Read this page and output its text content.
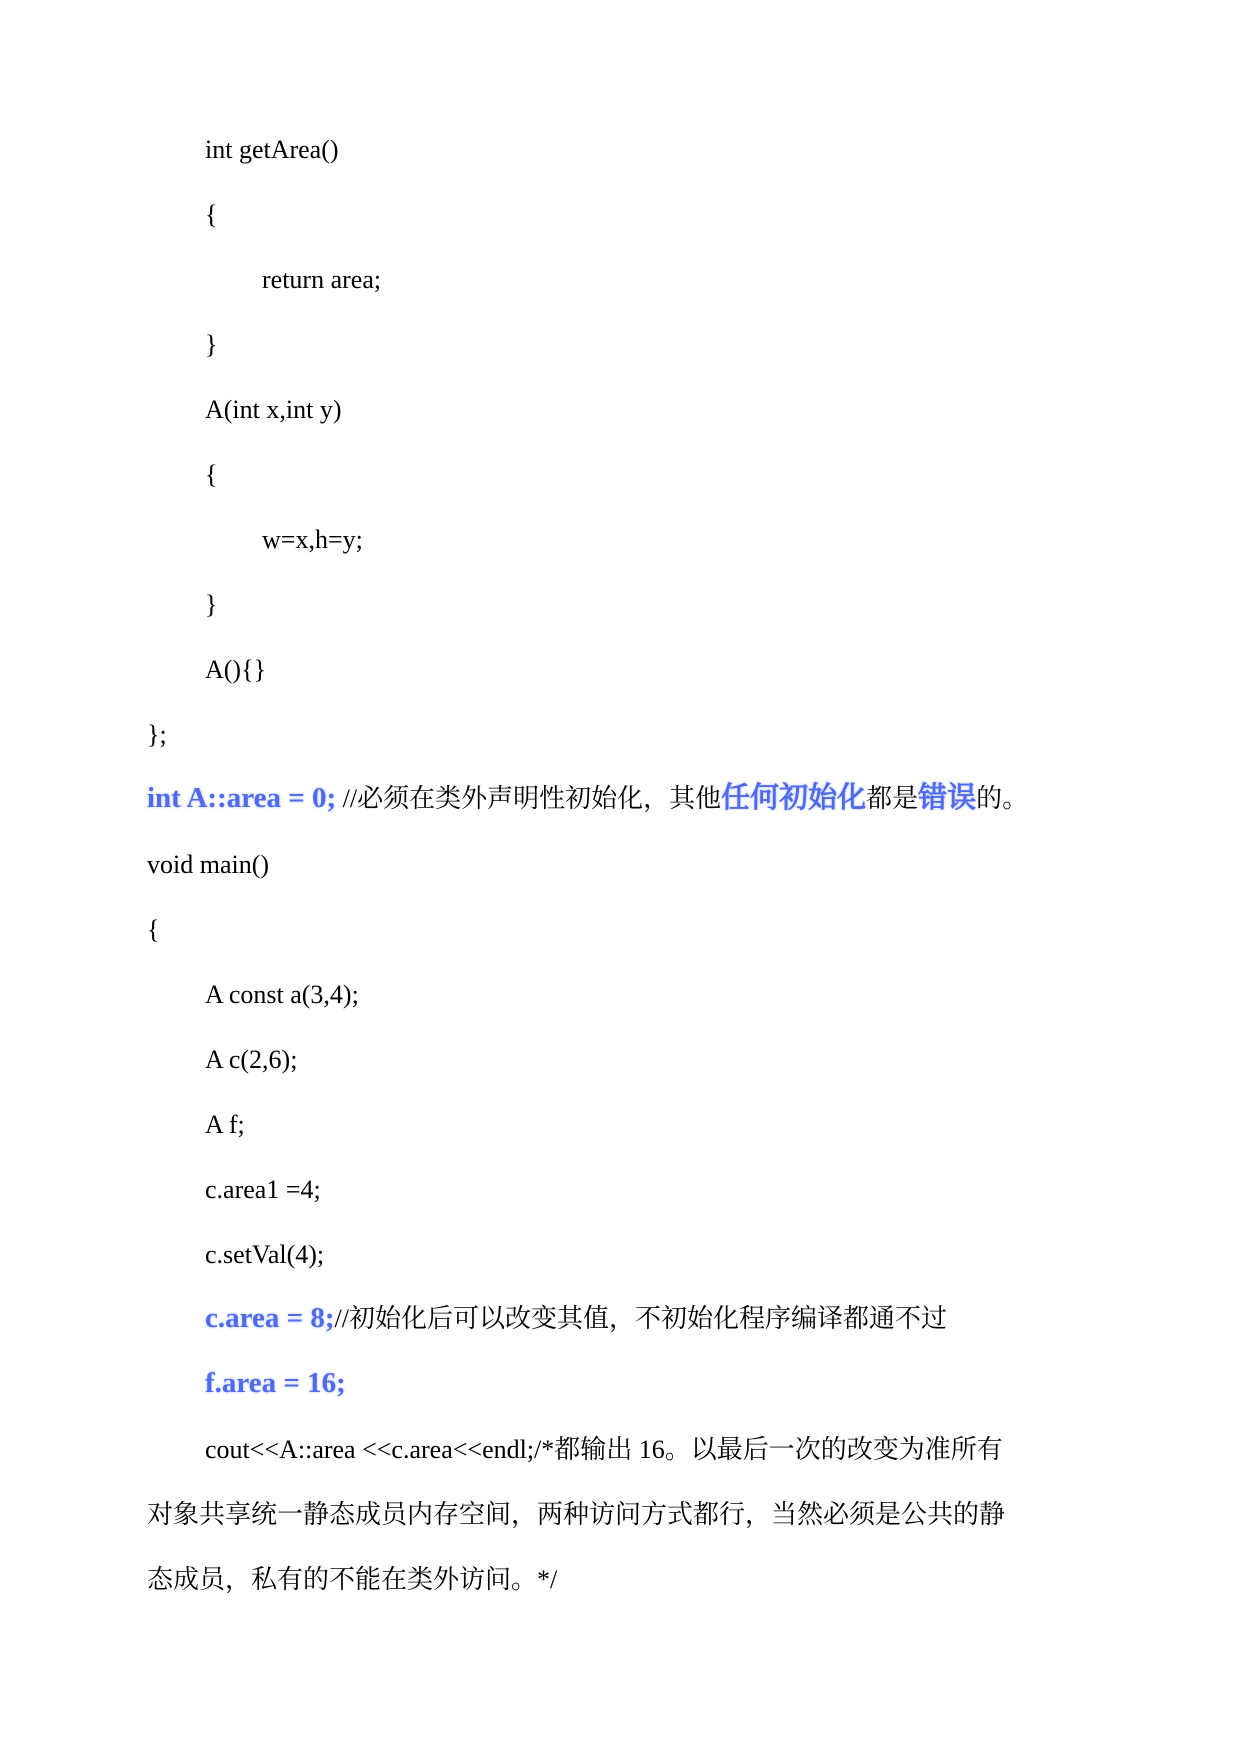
int getArea()
{
return area;
}
A(int x,int y)
{
w=x,h=y;
}
A(){}
};
int A::area = 0; //必须在类外声明性初始化，其他任何初始化都是错误的。
void main()
{
A const a(3,4);
A c(2,6);
A f;
c.area1 =4;
c.setVal(4);
c.area = 8;//初始化后可以改变其值，不初始化程序编译都通不过
f.area = 16;
cout<<A::area <<c.area<<endl;/*都输出 16。以最后一次的改变为准所有
对象共享统一静态成员内存空间，两种访问方式都行，当然必须是公共的静
态成员，私有的不能在类外访问。*/
